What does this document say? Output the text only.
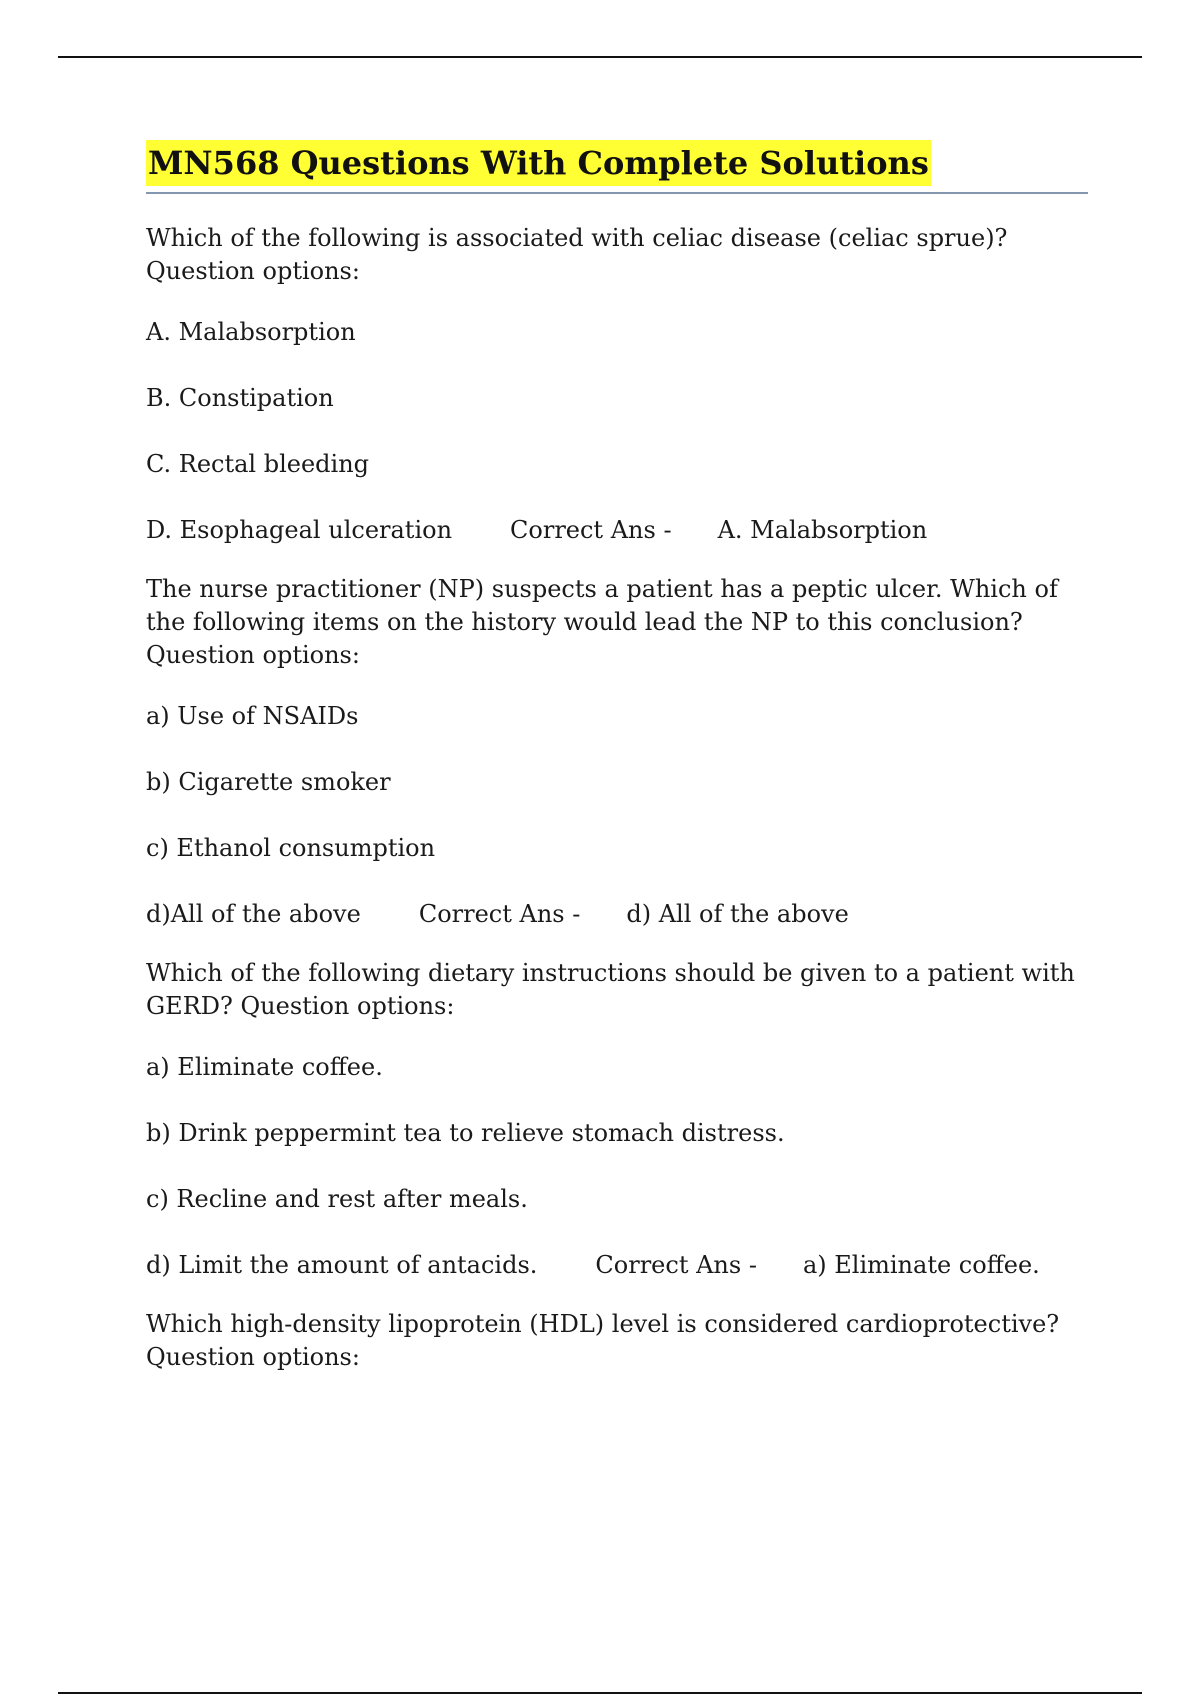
MN568 Questions With Complete Solutions

Which of the following is associated with celiac disease (celiac sprue)? Question options:

A. Malabsorption
B. Constipation
C. Rectal bleeding
D. Esophageal ulceration Correct Ans - A. Malabsorption

The nurse practitioner (NP) suspects a patient has a peptic ulcer. Which of the following items on the history would lead the NP to this conclusion? Question options:

a) Use of NSAIDs
b) Cigarette smoker
c) Ethanol consumption
d)All of the above Correct Ans - d) All of the above

Which of the following dietary instructions should be given to a patient with GERD? Question options:

a) Eliminate coffee.
b) Drink peppermint tea to relieve stomach distress.
c) Recline and rest after meals.
d) Limit the amount of antacids. Correct Ans - a) Eliminate coffee.

Which high-density lipoprotein (HDL) level is considered cardioprotective? Question options:
